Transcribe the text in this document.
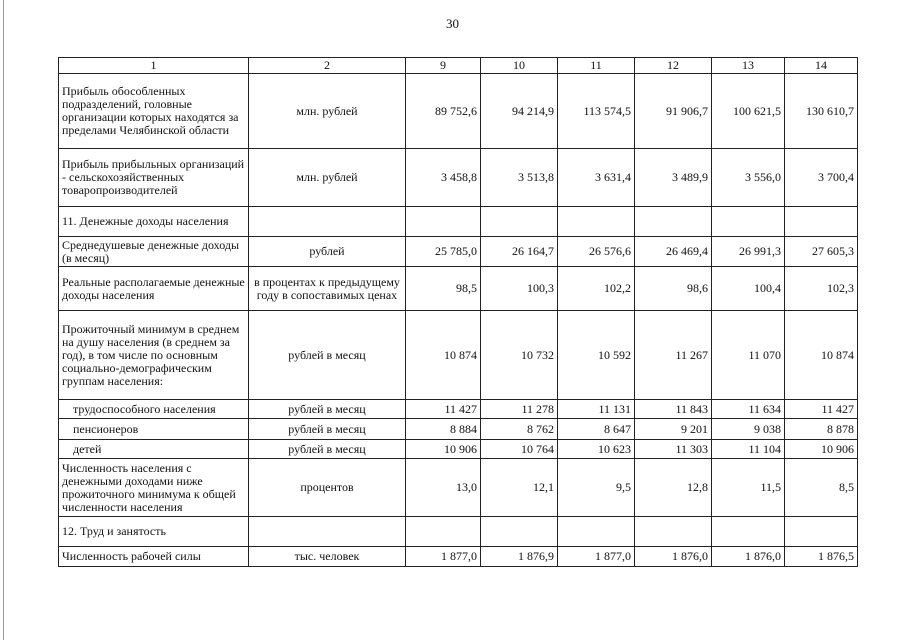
30
1	2	9	10	11	12	13	14
Прибыль обособленных подразделений, головные организации которых находятся за пределами Челябинской области	млн. рублей	89 752,6	94 214,9	113 574,5	91 906,7	100 621,5	130 610,7
Прибыль прибыльных организаций - сельскохозяйственных товаропроизводителей	млн. рублей	3 458,8	3 513,8	3 631,4	3 489,9	3 556,0	3 700,4
11. Денежные доходы населения							
Среднедушевые денежные доходы (в месяц)	рублей	25 785,0	26 164,7	26 576,6	26 469,4	26 991,3	27 605,3
Реальные располагаемые денежные доходы населения	в процентах к предыдущему году в сопоставимых ценах	98,5	100,3	102,2	98,6	100,4	102,3
Прожиточный минимум в среднем на душу населения (в среднем за год), в том числе по основным социально-демографическим группам населения:	рублей в месяц	10 874	10 732	10 592	11 267	11 070	10 874
трудоспособного населения	рублей в месяц	11 427	11 278	11 131	11 843	11 634	11 427
пенсионеров	рублей в месяц	8 884	8 762	8 647	9 201	9 038	8 878
детей	рублей в месяц	10 906	10 764	10 623	11 303	11 104	10 906
Численность населения с денежными доходами ниже прожиточного минимума к общей численности населения	процентов	13,0	12,1	9,5	12,8	11,5	8,5
12. Труд и занятость							
Численность рабочей силы	тыс. человек	1 877,0	1 876,9	1 877,0	1 876,0	1 876,0	1 876,5
